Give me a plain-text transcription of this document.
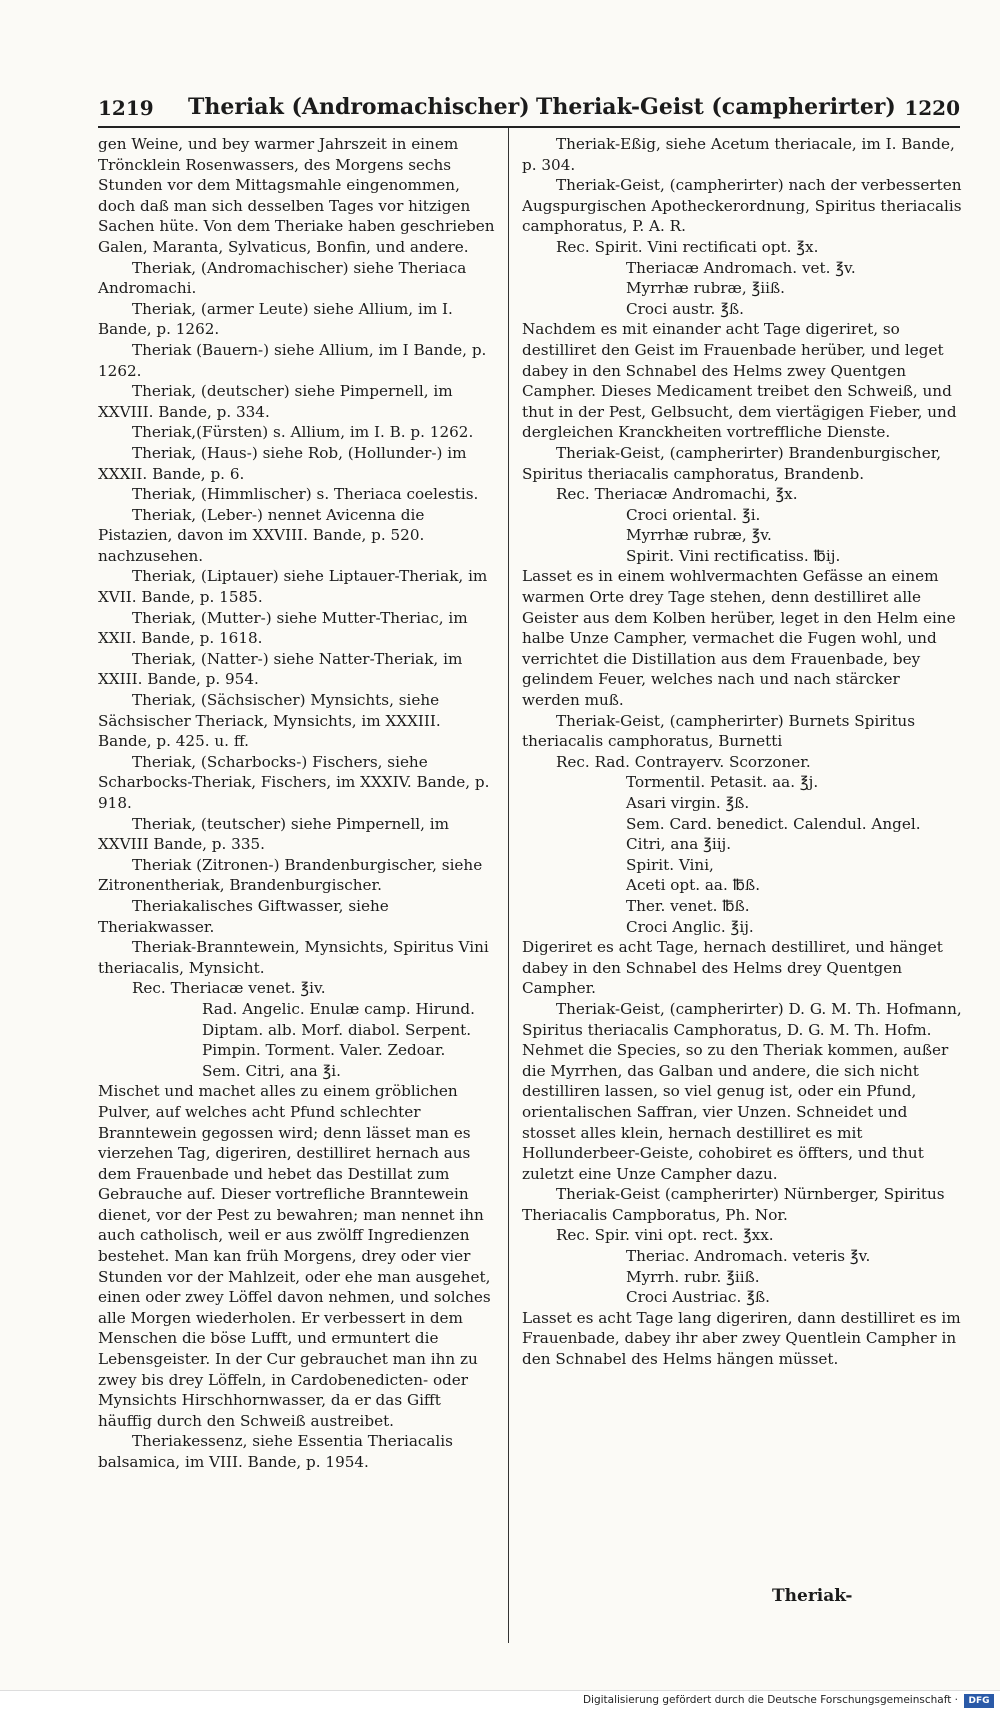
1219 Theriak (Andromachischer) Theriak-Geist (campherirter) 1220

gen Weine, und bey warmer Jahrszeit in einem Tröncklein Rosenwassers, des Morgens sechs Stunden vor dem Mittagsmahle eingenommen, doch daß man sich desselben Tages vor hitzigen Sachen hüte. Von dem Theriake haben geschrieben Galen, Maranta, Sylvaticus, Bonfin, und andere.

Theriak, (Andromachischer) siehe Theriaca Andromachi.

Theriak, (armer Leute) siehe Allium, im I. Bande, p. 1262.

Theriak (Bauern-) siehe Allium, im I Bande, p. 1262.

Theriak, (deutscher) siehe Pimpernell, im XXVIII. Bande, p. 334.

Theriak,(Fürsten) s. Allium, im I. B. p. 1262.

Theriak, (Haus-) siehe Rob, (Hollunder-) im XXXII. Bande, p. 6.

Theriak, (Himmlischer) s. Theriaca coelestis.

Theriak, (Leber-) nennet Avicenna die Pistazien, davon im XXVIII. Bande, p. 520. nachzusehen.

Theriak, (Liptauer) siehe Liptauer-Theriak, im XVII. Bande, p. 1585.

Theriak, (Mutter-) siehe Mutter-Theriac, im XXII. Bande, p. 1618.

Theriak, (Natter-) siehe Natter-Theriak, im XXIII. Bande, p. 954.

Theriak, (Sächsischer) Mynsichts, siehe Sächsischer Theriack, Mynsichts, im XXXIII. Bande, p. 425. u. ff.

Theriak, (Scharbocks-) Fischers, siehe Scharbocks-Theriak, Fischers, im XXXIV. Bande, p. 918.

Theriak, (teutscher) siehe Pimpernell, im XXVIII Bande, p. 335.

Theriak (Zitronen-) Brandenburgischer, siehe Zitronentheriak, Brandenburgischer.

Theriakalisches Giftwasser, siehe Theriakwasser.

Theriak-Branntewein, Mynsichts, Spiritus Vini theriacalis, Mynsicht.

Rec. Theriacæ venet. ℥iv.
Rad. Angelic. Enulæ camp. Hirund. Diptam. alb. Morf. diabol. Serpent. Pimpin. Torment. Valer. Zedoar.
Sem. Citri, ana ℥i.

Mischet und machet alles zu einem gröblichen Pulver, auf welches acht Pfund schlechter Branntewein gegossen wird; denn lässet man es vierzehen Tag, digeriren, destilliret hernach aus dem Frauenbade und hebet das Destillat zum Gebrauche auf. Dieser vortrefliche Branntewein dienet, vor der Pest zu bewahren; man nennet ihn auch catholisch, weil er aus zwölff Ingredienzen bestehet. Man kan früh Morgens, drey oder vier Stunden vor der Mahlzeit, oder ehe man ausgehet, einen oder zwey Löffel davon nehmen, und solches alle Morgen wiederholen. Er verbessert in dem Menschen die böse Lufft, und ermuntert die Lebensgeister. In der Cur gebrauchet man ihn zu zwey bis drey Löffeln, in Cardobenedicten- oder Mynsichts Hirschhornwasser, da er das Gifft häuffig durch den Schweiß austreibet.

Theriakessenz, siehe Essentia Theriacalis balsamica, im VIII. Bande, p. 1954.

Theriak-Eßig, siehe Acetum theriacale, im I. Bande, p. 304.

Theriak-Geist, (campherirter) nach der verbesserten Augspurgischen Apotheckerordnung, Spiritus theriacalis camphoratus, P. A. R.

Rec. Spirit. Vini rectificati opt. ℥x.
Theriacæ Andromach. vet. ℥v.
Myrrhæ rubræ, ℥iiß.
Croci austr. ℥ß.

Nachdem es mit einander acht Tage digeriret, so destilliret den Geist im Frauenbade herüber, und leget dabey in den Schnabel des Helms zwey Quentgen Campher. Dieses Medicament treibet den Schweiß, und thut in der Pest, Gelbsucht, dem viertägigen Fieber, und dergleichen Kranckheiten vortreffliche Dienste.

Theriak-Geist, (campherirter) Brandenburgischer, Spiritus theriacalis camphoratus, Brandenb.

Rec. Theriacæ Andromachi, ℥x.
Croci oriental. ℥i.
Myrrhæ rubræ, ℥v.
Spirit. Vini rectificatiss. ℔ij.

Lasset es in einem wohlvermachten Gefässe an einem warmen Orte drey Tage stehen, denn destilliret alle Geister aus dem Kolben herüber, leget in den Helm eine halbe Unze Campher, vermachet die Fugen wohl, und verrichtet die Distillation aus dem Frauenbade, bey gelindem Feuer, welches nach und nach stärcker werden muß.

Theriak-Geist, (campherirter) Burnets Spiritus theriacalis camphoratus, Burnetti

Rec. Rad. Contrayerv. Scorzoner.
Tormentil. Petasit. aa. ℥j.
Asari virgin. ℥ß.
Sem. Card. benedict. Calendul. Angel. Citri, ana ℥iij.
Spirit. Vini,
Aceti opt. aa. ℔ß.
Ther. venet. ℔ß.
Croci Anglic. ℥ij.

Digeriret es acht Tage, hernach destilliret, und hänget dabey in den Schnabel des Helms drey Quentgen Campher.

Theriak-Geist, (campherirter) D. G. M. Th. Hofmann, Spiritus theriacalis Camphoratus, D. G. M. Th. Hofm. Nehmet die Species, so zu den Theriak kommen, außer die Myrrhen, das Galban und andere, die sich nicht destilliren lassen, so viel genug ist, oder ein Pfund, orientalischen Saffran, vier Unzen. Schneidet und stosset alles klein, hernach destilliret es mit Hollunderbeer-Geiste, cohobiret es öffters, und thut zuletzt eine Unze Campher dazu.

Theriak-Geist (campherirter) Nürnberger, Spiritus Theriacalis Campboratus, Ph. Nor.

Rec. Spir. vini opt. rect. ℥xx.
Theriac. Andromach. veteris ℥v.
Myrrh. rubr. ℥iiß.
Croci Austriac. ℥ß.

Lasset es acht Tage lang digeriren, dann destilliret es im Frauenbade, dabey ihr aber zwey Quentlein Campher in den Schnabel des Helms hängen müsset.

Theriak-
Digitalisierung gefördert durch die Deutsche Forschungsgemeinschaft ·	DFG
